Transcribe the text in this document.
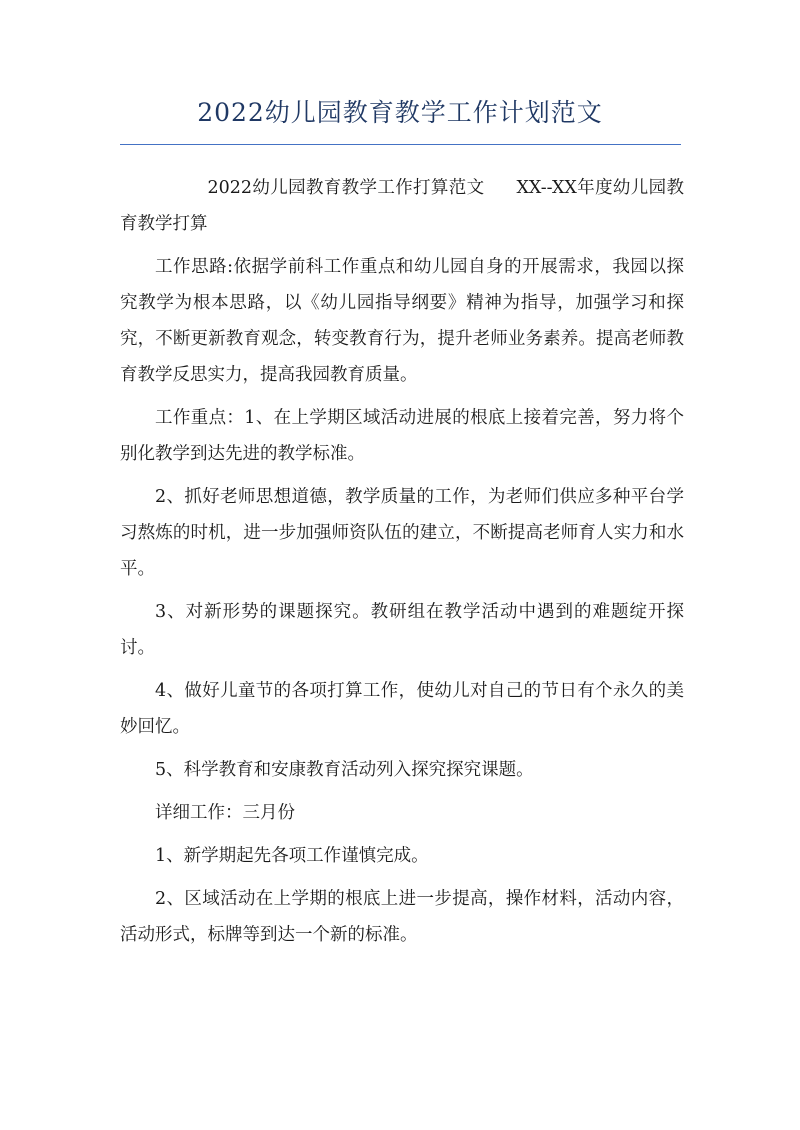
2022幼儿园教育教学工作计划范文

2022幼儿园教育教学工作打算范文 XX--XX年度幼儿园教育教学打算

工作思路:依据学前科工作重点和幼儿园自身的开展需求，我园以探究教学为根本思路，以《幼儿园指导纲要》精神为指导，加强学习和探究，不断更新教育观念，转变教育行为，提升老师业务素养。提高老师教育教学反思实力，提高我园教育质量。

工作重点：1、在上学期区域活动进展的根底上接着完善，努力将个别化教学到达先进的教学标准。

2、抓好老师思想道德，教学质量的工作，为老师们供应多种平台学习熬炼的时机，进一步加强师资队伍的建立，不断提高老师育人实力和水平。

3、对新形势的课题探究。教研组在教学活动中遇到的难题绽开探讨。

4、做好儿童节的各项打算工作，使幼儿对自己的节日有个永久的美妙回忆。

5、科学教育和安康教育活动列入探究探究课题。

详细工作：三月份

1、新学期起先各项工作谨慎完成。

2、区域活动在上学期的根底上进一步提高，操作材料，活动内容，活动形式，标牌等到达一个新的标准。
